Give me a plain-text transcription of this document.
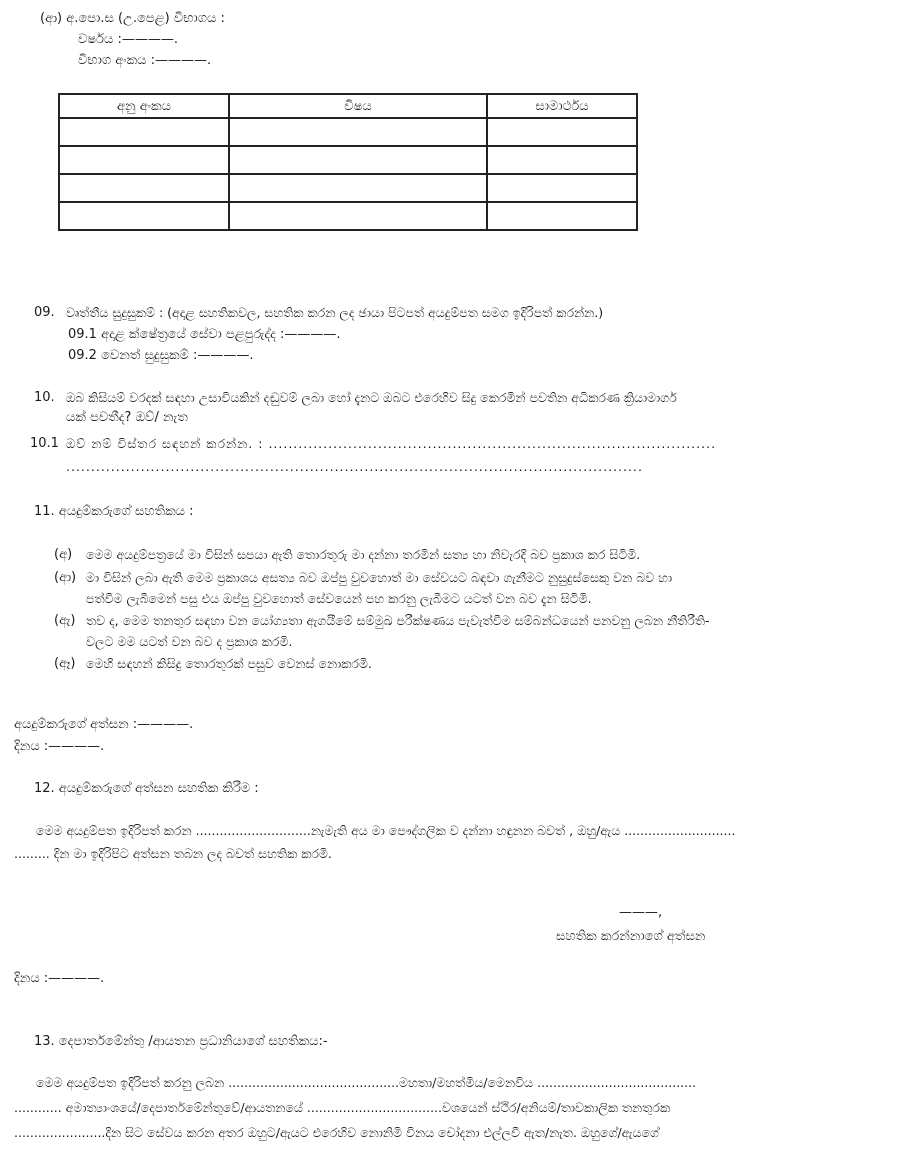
(ආ) අ.පො.ස (උ.පෙළ) විභාගය :
වර්ෂය :————.
විභාග අංකය :————.
අනු අංකය	විෂය	සාමාර්ථය

09. වෘත්තීය සුදුසුකම් : (අදාළ සහතිකවල, සහතික කරන ලද ඡායා පිටපත් අයදුම්පත සමග ඉදිරිපත් කරන්න.)
09.1 අදාළ ක්ෂේත්‍රයේ සේවා පළපුරුද්ද :————.
09.2 වෙනත් සුදුසුකම් :————.
10. ඔබ කිසියම් වරදක් සඳහා උසාවියකින් දඬුවම් ලබා හෝ දැනට ඔබට එරෙහිව සිදු කෙරමින් පවතින අධිකරණ ක්‍රියාමාර්ග
යක් පවතීද? ඔව්/ නැත
10.1 ඔව් නම් විස්තර සඳහන් කරන්න. : ..........................................................................................
....................................................................................................................
11. අයදුම්කරුගේ සහතිකය :
(අ) මෙම අයදුම්පත්‍රයේ මා විසින් සපයා ඇති තොරතුරු මා දන්නා තරමින් සත්‍ය හා නිවැරදි බව ප්‍රකාශ කර සිටිමි.
(ආ) මා විසින් ලබා ඇති මෙම ප්‍රකාශය අසත්‍ය බව ඔප්පු වුවහොත් මා සේවයට බඳවා ගැනීමට නුසුදුස්සෙකු වන බව හා
පත්වීම ලැබීමෙන් පසු එය ඔප්පු වුවහොත් සේවයෙන් පහ කරනු ලැබීමට යටත් වන බව දැන සිටිමි.
(ඇ) තව ද, මෙම තනතුර සඳහා වන යෝග්‍යතා ඇගයීමේ සම්මුඛ පරීක්ෂණය පැවැත්වීම සම්බන්ධයෙන් පනවනු ලබන නීතිරීති-
වලට මම යටත් වන බව ද ප්‍රකාශ කරමි.
(ඈ) මෙහි සඳහන් කිසිදු තොරතුරක් පසුව වෙනස් නොකරමි.
අයදුම්කරුගේ අත්සන :————.
දිනය :————.
12. අයදුම්කරුගේ අත්සන සහතික කිරීම :
මෙම අයදුම්පත ඉදිරිපත් කරන .............................නැමැති අය මා පෞද්ගලික ව දන්නා හඳුනන බවත් , ඔහු/ඇය ............................
......... දින මා ඉදිරිපිට අත්සන තබන ලද බවත් සහතික කරමි.
———,
සහතික කරන්නාගේ අත්සන
දිනය :————.
13. දෙපාර්තමේන්තු /ආයතන ප්‍රධානියාගේ සහතිකය:-
මෙම අයදුම්පත ඉදිරිපත් කරනු ලබන ...........................................මහතා/මහත්මිය/මෙනවිය ........................................
............ අමාත්‍යාංශයේ/දෙපාර්තමේන්තුවේ/ආයතනයේ ..................................වශයෙන් ස්ථිර/අනියම්/තාවකාලික තනතුරක
.......................දින සිට සේවය කරන අතර ඔහුට/ඇයට එරෙහිව නොනිමි විනය චෝදනා එල්ලවී ඇත/නැත. ඔහුගේ/ඇයගේ
